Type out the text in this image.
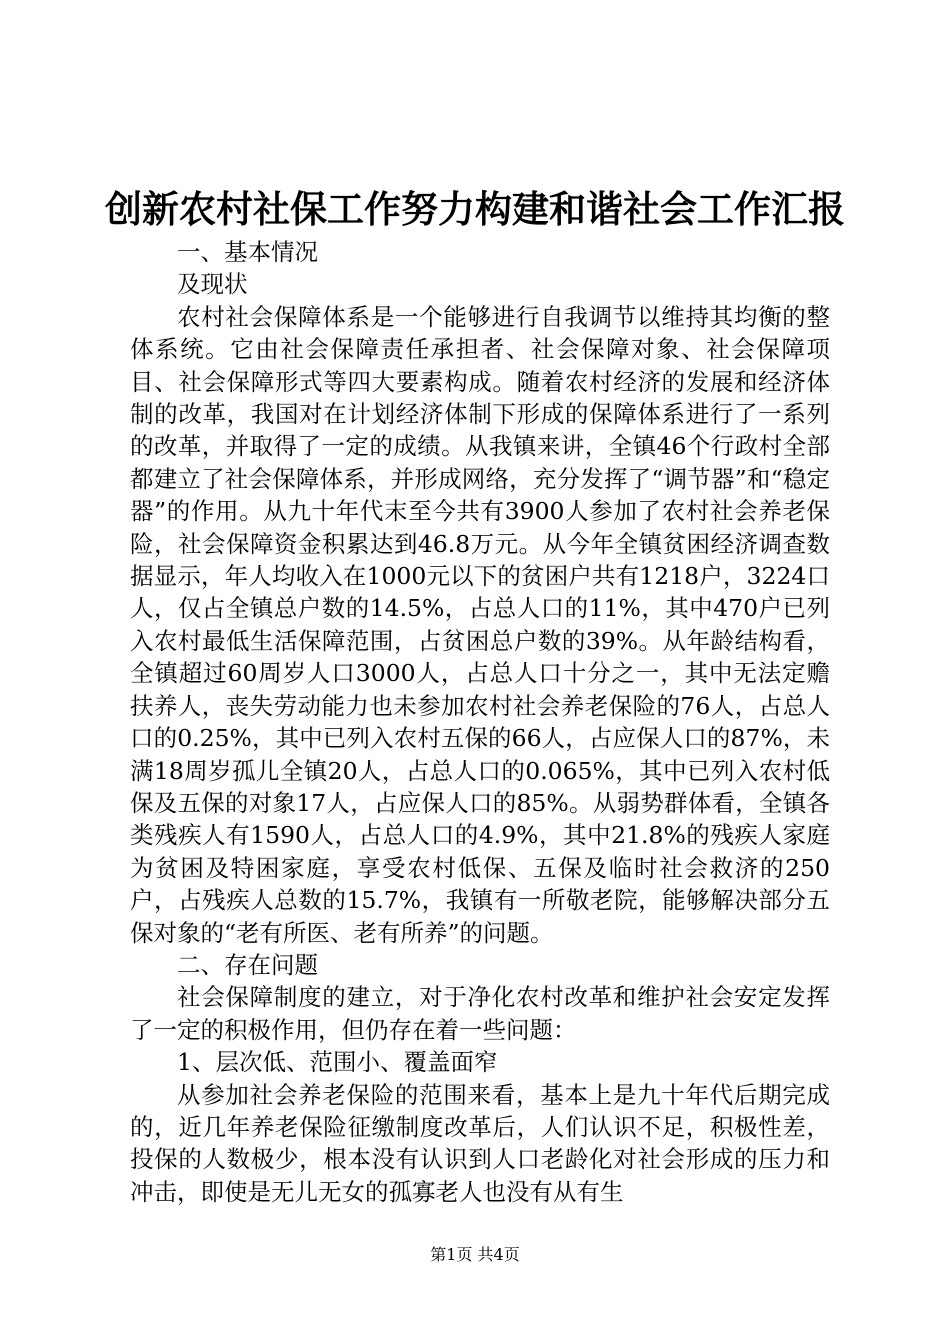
创新农村社保工作努力构建和谐社会工作汇报

一、基本情况

及现状

农村社会保障体系是一个能够进行自我调节以维持其均衡的整体系统。它由社会保障责任承担者、社会保障对象、社会保障项目、社会保障形式等四大要素构成。随着农村经济的发展和经济体制的改革，我国对在计划经济体制下形成的保障体系进行了一系列的改革，并取得了一定的成绩。从我镇来讲，全镇46个行政村全部都建立了社会保障体系，并形成网络，充分发挥了“调节器”和“稳定器”的作用。从九十年代末至今共有3900人参加了农村社会养老保险，社会保障资金积累达到46.8万元。从今年全镇贫困经济调查数据显示，年人均收入在1000元以下的贫困户共有1218户，3224口人，仅占全镇总户数的14.5%，占总人口的11%，其中470户已列入农村最低生活保障范围，占贫困总户数的39%。从年龄结构看，全镇超过60周岁人口3000人，占总人口十分之一，其中无法定赡扶养人，丧失劳动能力也未参加农村社会养老保险的76人，占总人口的0.25%，其中已列入农村五保的66人，占应保人口的87%，未满18周岁孤儿全镇20人，占总人口的0.065%，其中已列入农村低保及五保的对象17人，占应保人口的85%。从弱势群体看，全镇各类残疾人有1590人，占总人口的4.9%，其中21.8%的残疾人家庭为贫困及特困家庭，享受农村低保、五保及临时社会救济的250户，占残疾人总数的15.7%，我镇有一所敬老院，能够解决部分五保对象的“老有所医、老有所养”的问题。

二、存在问题

社会保障制度的建立，对于净化农村改革和维护社会安定发挥了一定的积极作用，但仍存在着一些问题：

1、层次低、范围小、覆盖面窄

从参加社会养老保险的范围来看，基本上是九十年代后期完成的，近几年养老保险征缴制度改革后，人们认识不足，积极性差，投保的人数极少，根本没有认识到人口老龄化对社会形成的压力和冲击，即使是无儿无女的孤寡老人也没有从有生

第1页 共4页
